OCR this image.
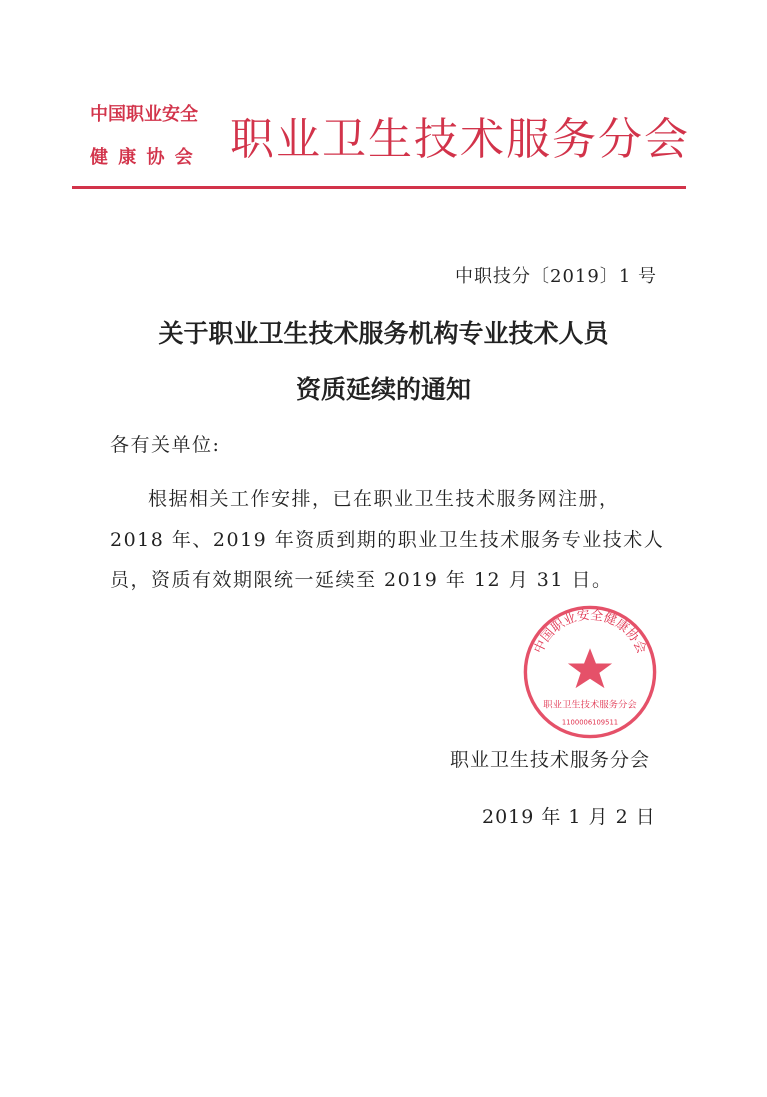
中国职业安全
健 康 协 会 职业卫生技术服务分会
中职技分〔2019〕1 号
关于职业卫生技术服务机构专业技术人员
资质延续的通知
各有关单位:
根据相关工作安排，已在职业卫生技术服务网注册，
2018 年、2019 年资质到期的职业卫生技术服务专业技术人
员，资质有效期限统一延续至 2019 年 12 月 31 日。
中国职业安全健康协会
职业卫生技术服务分会
1100006109511
职业卫生技术服务分会
2019 年 1 月 2 日
